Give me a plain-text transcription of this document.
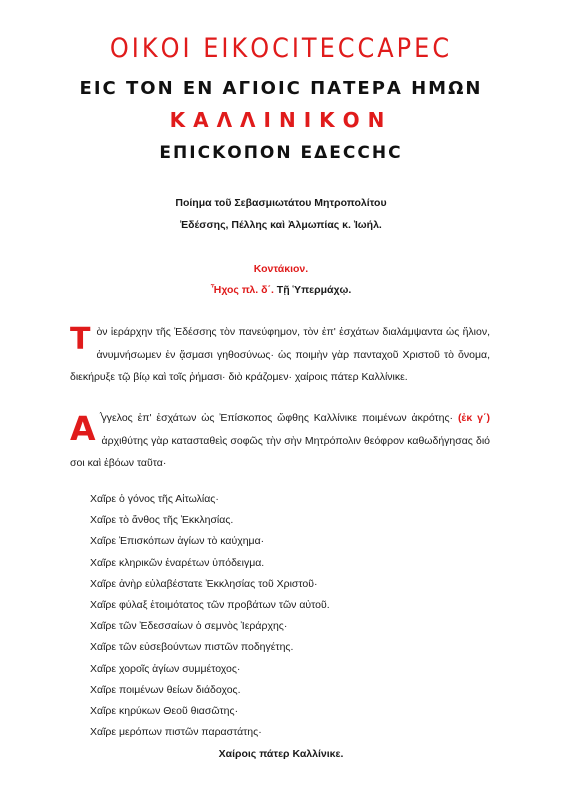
ΟΙΚΟΙ ΕΙΚΟCΙΤΕCCΑΡΕC
ΕΙC ΤΟΝ ΕΝ ΑΓΙΟΙC ΠΑΤΕΡΑ ΗΜΩΝ
ΚΑΛΛΙΝΙΚΟΝ
ΕΠΙCΚΟΠΟΝ ΕΔΕCCΗC
Ποίημα τοῦ Σεβασμιωτάτου Μητροπολίτου
Ἐδέσσης, Πέλλης καὶ Ἀλμωπίας κ. Ἰωήλ.
Κοντάκιον.
Ἦχος πλ. δ΄. Τῇ Ὑπερμάχῳ.
Τὸν ἱεράρχην τῆς Ἐδέσσης τὸν πανεύφημον, τὸν ἐπ' ἐσχάτων διαλάμψαντα ὡς ἥλιον, ἀνυμνήσωμεν ἐν ᾄσμασι γηθοσύνως· ὡς ποιμὴν γὰρ πανταχοῦ Χριστοῦ τὸ ὄνομα, διεκήρυξε τῷ βίῳ καὶ τοῖς ῥήμασι· διὸ κράζομεν· χαίροις πάτερ Καλλίνικε.
Α ̓́γγελος ἐπ' ἐσχάτων ὡς Ἐπίσκοπος ὤφθης Καλλίνικε ποιμένων ἀκρότης· (ἐκ γ΄) ἀρχιθύτης γὰρ κατασταθεὶς σοφῶς τὴν σὴν Μητρόπολιν θεόφρον καθωδήγησας διό σοι καὶ ἐβόων ταῦτα·
Χαῖρε ὁ γόνος τῆς Αἰτωλίας·
Χαῖρε τὸ ἄνθος τῆς Ἐκκλησίας.
Χαῖρε Ἐπισκόπων ἁγίων τὸ καύχημα·
Χαῖρε κληρικῶν ἐναρέτων ὑπόδειγμα.
Χαῖρε ἀνὴρ εὐλαβέστατε Ἐκκλησίας τοῦ Χριστοῦ·
Χαῖρε φύλαξ ἑτοιμότατος τῶν προβάτων τῶν αὐτοῦ.
Χαῖρε τῶν Ἐδεσσαίων ὁ σεμνὸς Ἱεράρχης·
Χαῖρε τῶν εὐσεβούντων πιστῶν ποδηγέτης.
Χαῖρε χοροῖς ἁγίων συμμέτοχος·
Χαῖρε ποιμένων θείων διάδοχος.
Χαῖρε κηρύκων Θεοῦ θιασῶτης·
Χαῖρε μερόπων πιστῶν παραστάτης·
Χαίροις πάτερ Καλλίνικε.
